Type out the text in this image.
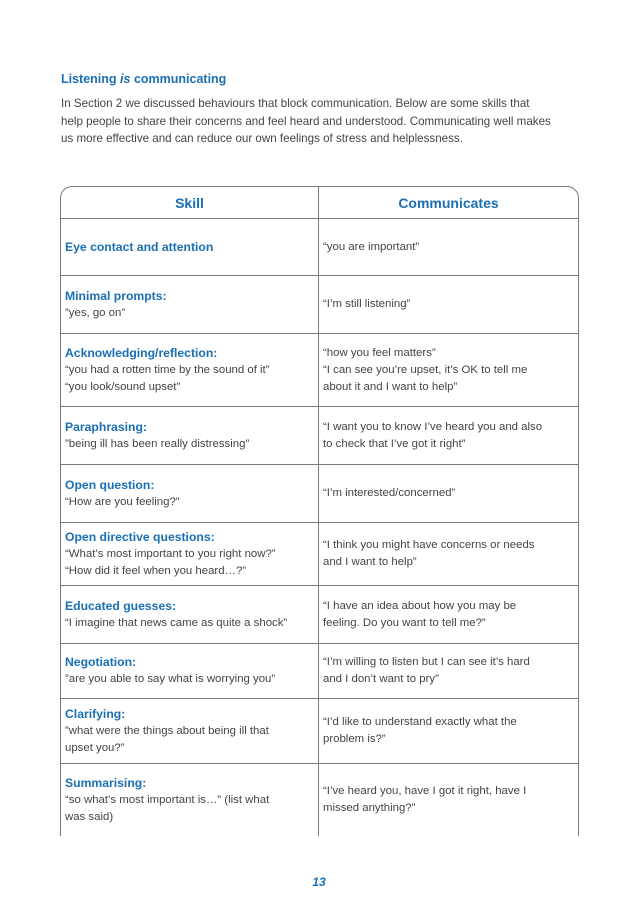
Listening is communicating
In Section 2 we discussed behaviours that block communication. Below are some skills that
help people to share their concerns and feel heard and understood. Communicating well makes
us more effective and can reduce our own feelings of stress and helplessness.
Skill	Communicates
Eye contact and attention	“you are important”
Minimal prompts:
”yes, go on”
“I’m still listening”
Acknowledging/reflection:
“you had a rotten time by the sound of it”
“you look/sound upset”
“how you feel matters”
“I can see you’re upset, it’s OK to tell me
about it and I want to help”
Paraphrasing:
”being ill has been really distressing”
“I want you to know I’ve heard you and also
to check that I’ve got it right”
Open question:
“How are you feeling?”
“I’m interested/concerned”
Open directive questions:
“What’s most important to you right now?”
“How did it feel when you heard…?”
“I think you might have concerns or needs
and I want to help”
Educated guesses:
“I imagine that news came as quite a shock”
“I have an idea about how you may be
feeling. Do you want to tell me?”
Negotiation:
”are you able to say what is worrying you”
“I’m willing to listen but I can see it’s hard
and I don’t want to pry”
Clarifying:
”what were the things about being ill that
upset you?”
“I’d like to understand exactly what the
problem is?”
Summarising:
“so what’s most important is…” (list what
was said)
“I’ve heard you, have I got it right, have I
missed anything?”
13
